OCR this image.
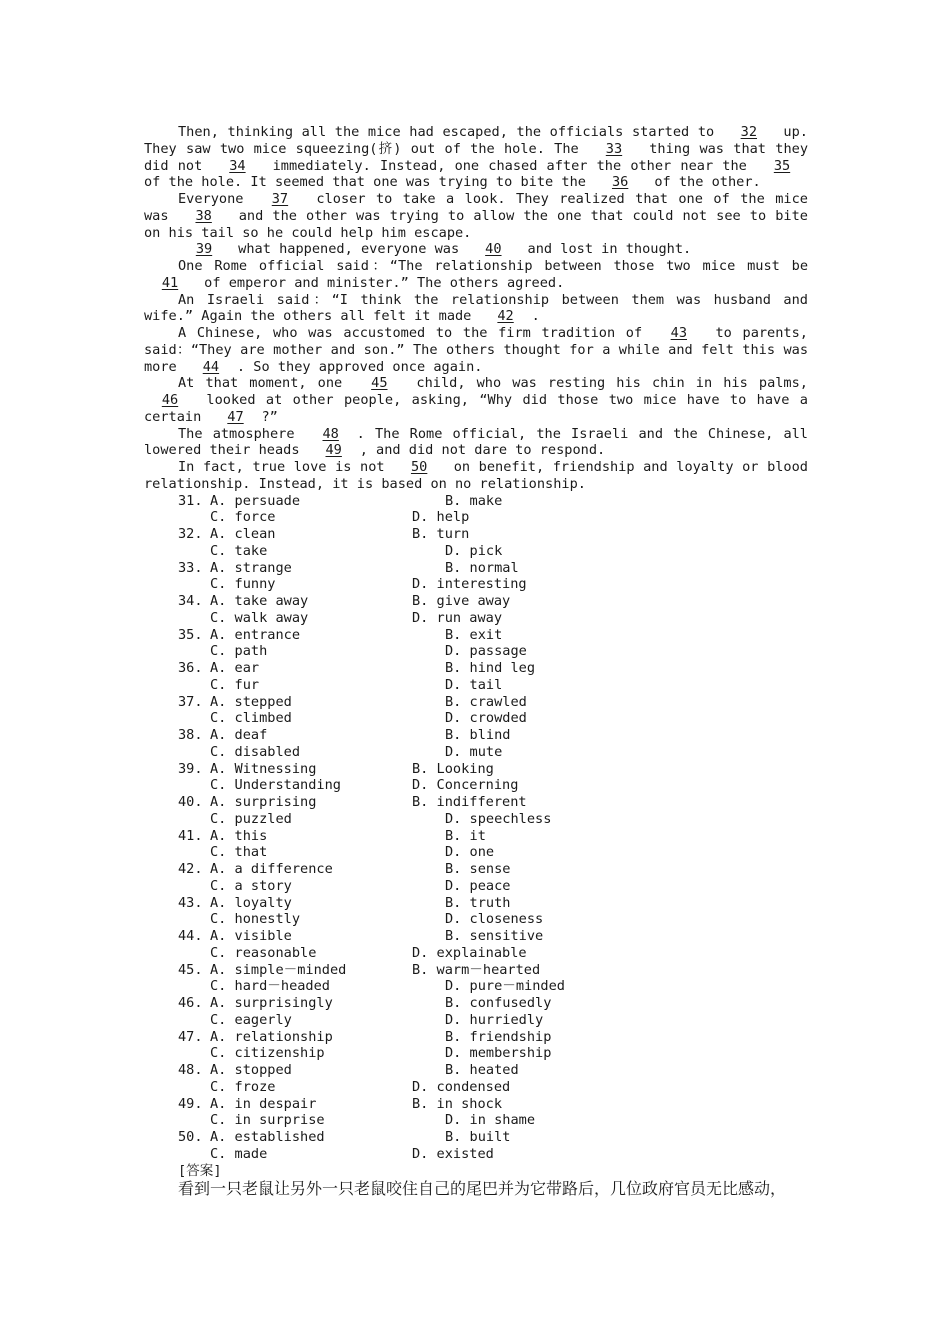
Then, thinking all the mice had escaped, the officials started to 32 up. They saw two mice squeezing(挤) out of the hole. The 33 thing was that they did not 34 immediately. Instead, one chased after the other near the 35 of the hole. It seemed that one was trying to bite the 36 of the other.

Everyone 37 closer to take a look. They realized that one of the mice was 38 and the other was trying to allow the one that could not see to bite on his tail so he could help him escape.

39 what happened, everyone was 40 and lost in thought.

One Rome official said：“The relationship between those two mice must be 41 of emperor and minister.” The others agreed.

An Israeli said：“I think the relationship between them was husband and wife.” Again the others all felt it made 42 .

A Chinese, who was accustomed to the firm tradition of 43 to parents, said：“They are mother and son.” The others thought for a while and felt this was more 44 . So they approved once again.

At that moment, one 45 child, who was resting his chin in his palms, 46 looked at other people, asking, “Why did those two mice have to have a certain 47 ?”

The atmosphere 48 . The Rome official, the Israeli and the Chinese, all lowered their heads 49 , and did not dare to respond.

In fact, true love is not 50 on benefit, friendship and loyalty or blood relationship. Instead, it is based on no relationship.

31. A. persuade	B. make
C. force	D. help
32. A. clean	B. turn
C. take	D. pick
33. A. strange	B. normal
C. funny	D. interesting
34. A. take away	B. give away
C. walk away	D. run away
35. A. entrance	B. exit
C. path	D. passage
36. A. ear	B. hind leg
C. fur	D. tail
37. A. stepped	B. crawled
C. climbed	D. crowded
38. A. deaf	B. blind
C. disabled	D. mute
39. A. Witnessing	B. Looking
C. Understanding	D. Concerning
40. A. surprising	B. indifferent
C. puzzled	D. speechless
41. A. this	B. it
C. that	D. one
42. A. a difference	B. sense
C. a story	D. peace
43. A. loyalty	B. truth
C. honestly	D. closeness
44. A. visible	B. sensitive
C. reasonable	D. explainable
45. A. simple－minded	B. warm－hearted
C. hard－headed	D. pure－minded
46. A. surprisingly	B. confusedly
C. eagerly	D. hurriedly
47. A. relationship	B. friendship
C. citizenship	D. membership
48. A. stopped	B. heated
C. froze	D. condensed
49. A. in despair	B. in shock
C. in surprise	D. in shame
50. A. established	B. built
C. made	D. existed

[答案]

看到一只老鼠让另外一只老鼠咬住自己的尾巴并为它带路后，几位政府官员无比感动，
